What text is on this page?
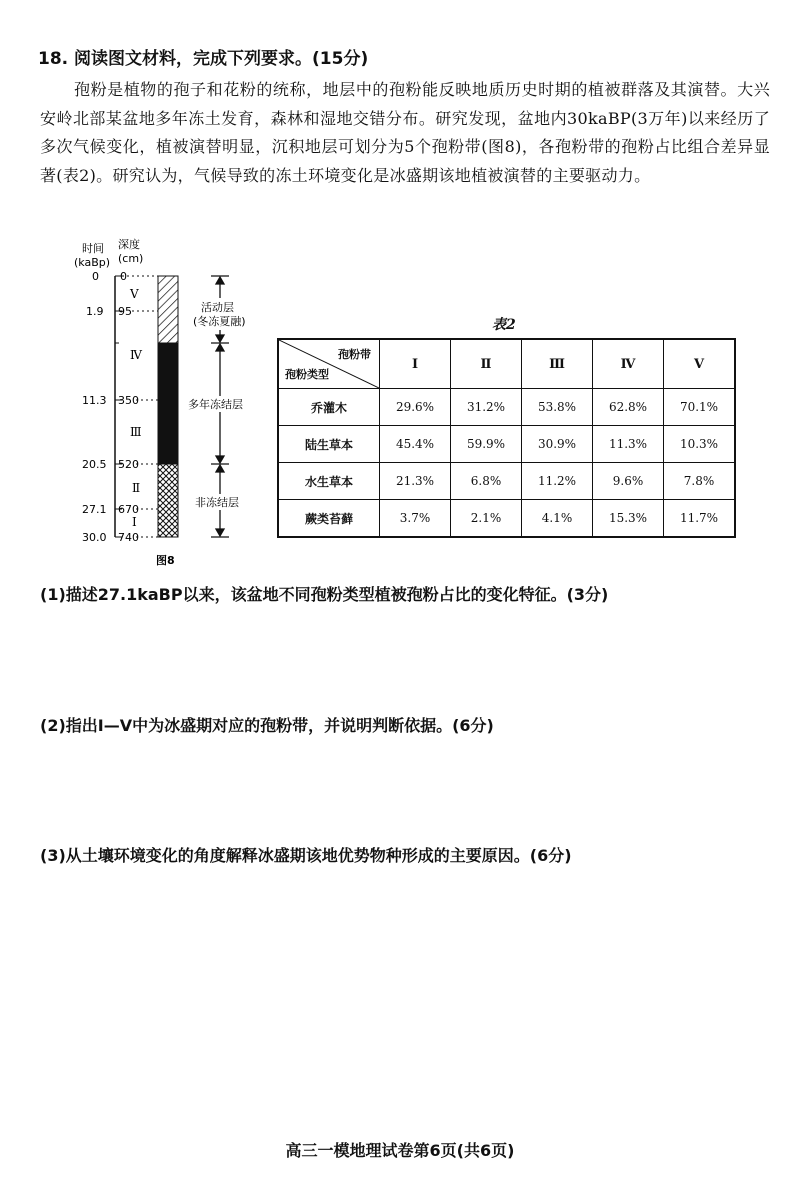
18. 阅读图文材料，完成下列要求。(15分)

孢粉是植物的孢子和花粉的统称，地层中的孢粉能反映地质历史时期的植被群落及其演替。大兴安岭北部某盆地多年冻土发育，森林和湿地交错分布。研究发现，盆地内30kaBP(3万年)以来经历了多次气候变化，植被演替明显，沉积地层可划分为5个孢粉带(图8)，各孢粉带的孢粉占比组合差异显著(表2)。研究认为，气候导致的冻土环境变化是冰盛期该地植被演替的主要驱动力。

时间
(kaBp)
深度
(cm)
0
1.9
11.3
20.5
27.1
30.0
0
95
350
520
670
740
Ⅴ
Ⅳ
Ⅲ
Ⅱ
Ⅰ
活动层
(冬冻夏融)
多年冻结层
非冻结层
图8
表2
孢粉带
孢粉类型	Ⅰ	Ⅱ	Ⅲ	Ⅳ	Ⅴ
乔灌木	29.6%	31.2%	53.8%	62.8%	70.1%
陆生草本	45.4%	59.9%	30.9%	11.3%	10.3%
水生草本	21.3%	6.8%	11.2%	9.6%	7.8%
蕨类苔藓	3.7%	2.1%	4.1%	15.3%	11.7%
(1)描述27.1kaBP以来，该盆地不同孢粉类型植被孢粉占比的变化特征。(3分)
(2)指出Ⅰ—Ⅴ中为冰盛期对应的孢粉带，并说明判断依据。(6分)
(3)从土壤环境变化的角度解释冰盛期该地优势物种形成的主要原因。(6分)
高三一模地理试卷第6页(共6页)
